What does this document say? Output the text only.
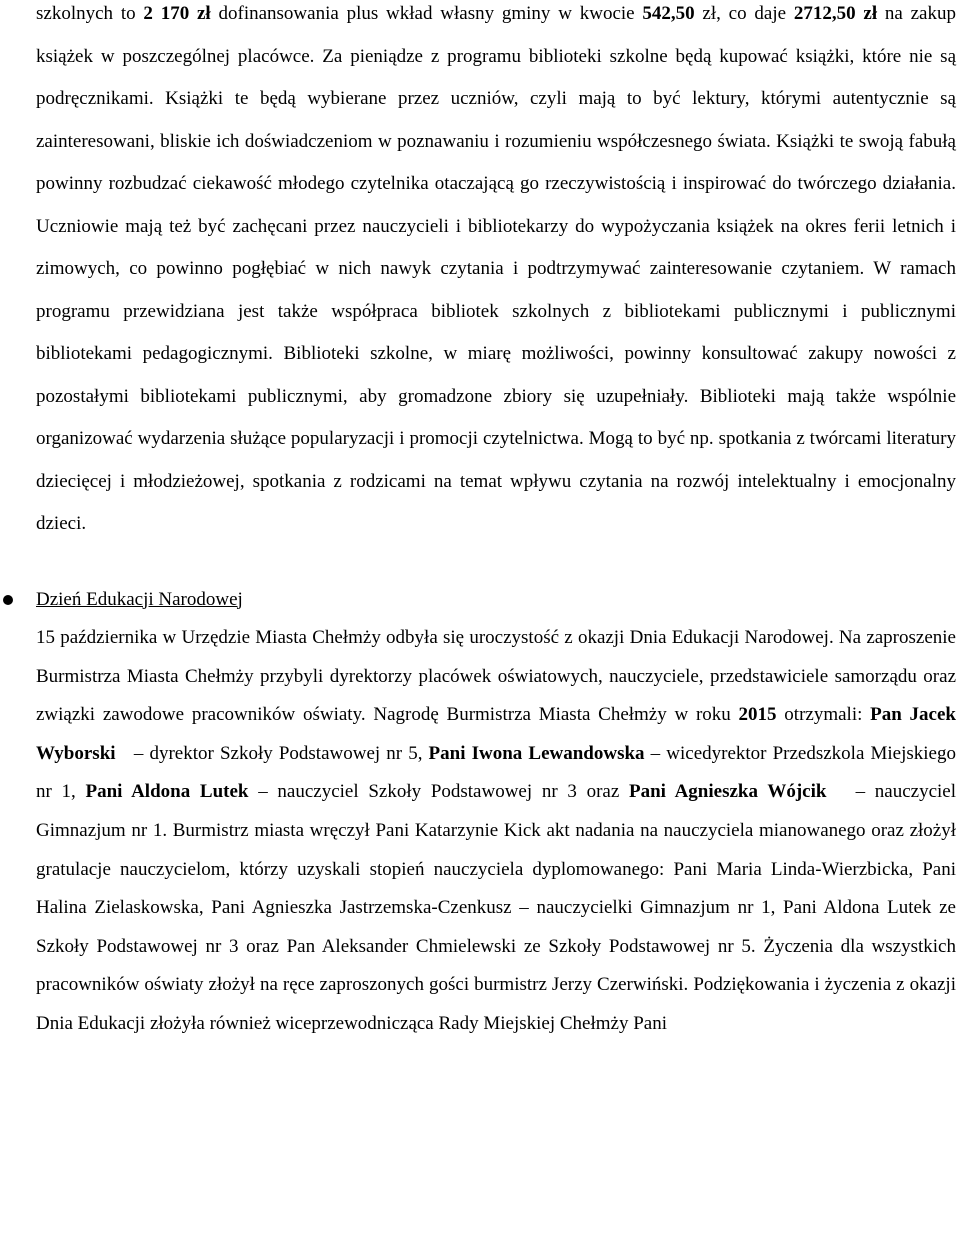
szkolnych to 2 170 zł dofinansowania plus wkład własny gminy w kwocie 542,50 zł, co daje 2712,50 zł na zakup książek w poszczególnej placówce. Za pieniądze z programu biblioteki szkolne będą kupować książki, które nie są podręcznikami. Książki te będą wybierane przez uczniów, czyli mają to być lektury, którymi autentycznie są zainteresowani, bliskie ich doświadczeniom w poznawaniu i rozumieniu współczesnego świata. Książki te swoją fabułą powinny rozbudzać ciekawość młodego czytelnika otaczającą go rzeczywistością i inspirować do twórczego działania. Uczniowie mają też być zachęcani przez nauczycieli i bibliotekarzy do wypożyczania książek na okres ferii letnich i zimowych, co powinno pogłębiać w nich nawyk czytania i podtrzymywać zainteresowanie czytaniem. W ramach programu przewidziana jest także współpraca bibliotek szkolnych z bibliotekami publicznymi i publicznymi bibliotekami pedagogicznymi. Biblioteki szkolne, w miarę możliwości, powinny konsultować zakupy nowości z pozostałymi bibliotekami publicznymi, aby gromadzone zbiory się uzupełniały. Biblioteki mają także wspólnie organizować wydarzenia służące popularyzacji i promocji czytelnictwa. Mogą to być np. spotkania z twórcami literatury dziecięcej i młodzieżowej, spotkania z rodzicami na temat wpływu czytania na rozwój intelektualny i emocjonalny dzieci.

Dzień Edukacji Narodowej

15 października w Urzędzie Miasta Chełmży odbyła się uroczystość z okazji Dnia Edukacji Narodowej. Na zaproszenie Burmistrza Miasta Chełmży przybyli dyrektorzy placówek oświatowych, nauczyciele, przedstawiciele samorządu oraz związki zawodowe pracowników oświaty. Nagrodę Burmistrza Miasta Chełmży w roku 2015 otrzymali: Pan Jacek Wyborski   – dyrektor Szkoły Podstawowej nr 5, Pani Iwona Lewandowska – wicedyrektor Przedszkola Miejskiego nr 1, Pani Aldona Lutek – nauczyciel Szkoły Podstawowej nr 3 oraz Pani Agnieszka Wójcik   – nauczyciel Gimnazjum nr 1. Burmistrz miasta wręczył Pani Katarzynie Kick akt nadania na nauczyciela mianowanego oraz złożył gratulacje nauczycielom, którzy uzyskali stopień nauczyciela dyplomowanego: Pani Maria Linda-Wierzbicka, Pani Halina Zielaskowska, Pani Agnieszka Jastrzemska-Czenkusz – nauczycielki Gimnazjum nr 1, Pani Aldona Lutek ze Szkoły Podstawowej nr 3 oraz Pan Aleksander Chmielewski ze Szkoły Podstawowej nr 5. Życzenia dla wszystkich pracowników oświaty złożył na ręce zaproszonych gości burmistrz Jerzy Czerwiński. Podziękowania i życzenia z okazji Dnia Edukacji złożyła również wiceprzewodnicząca Rady Miejskiej Chełmży Pani
